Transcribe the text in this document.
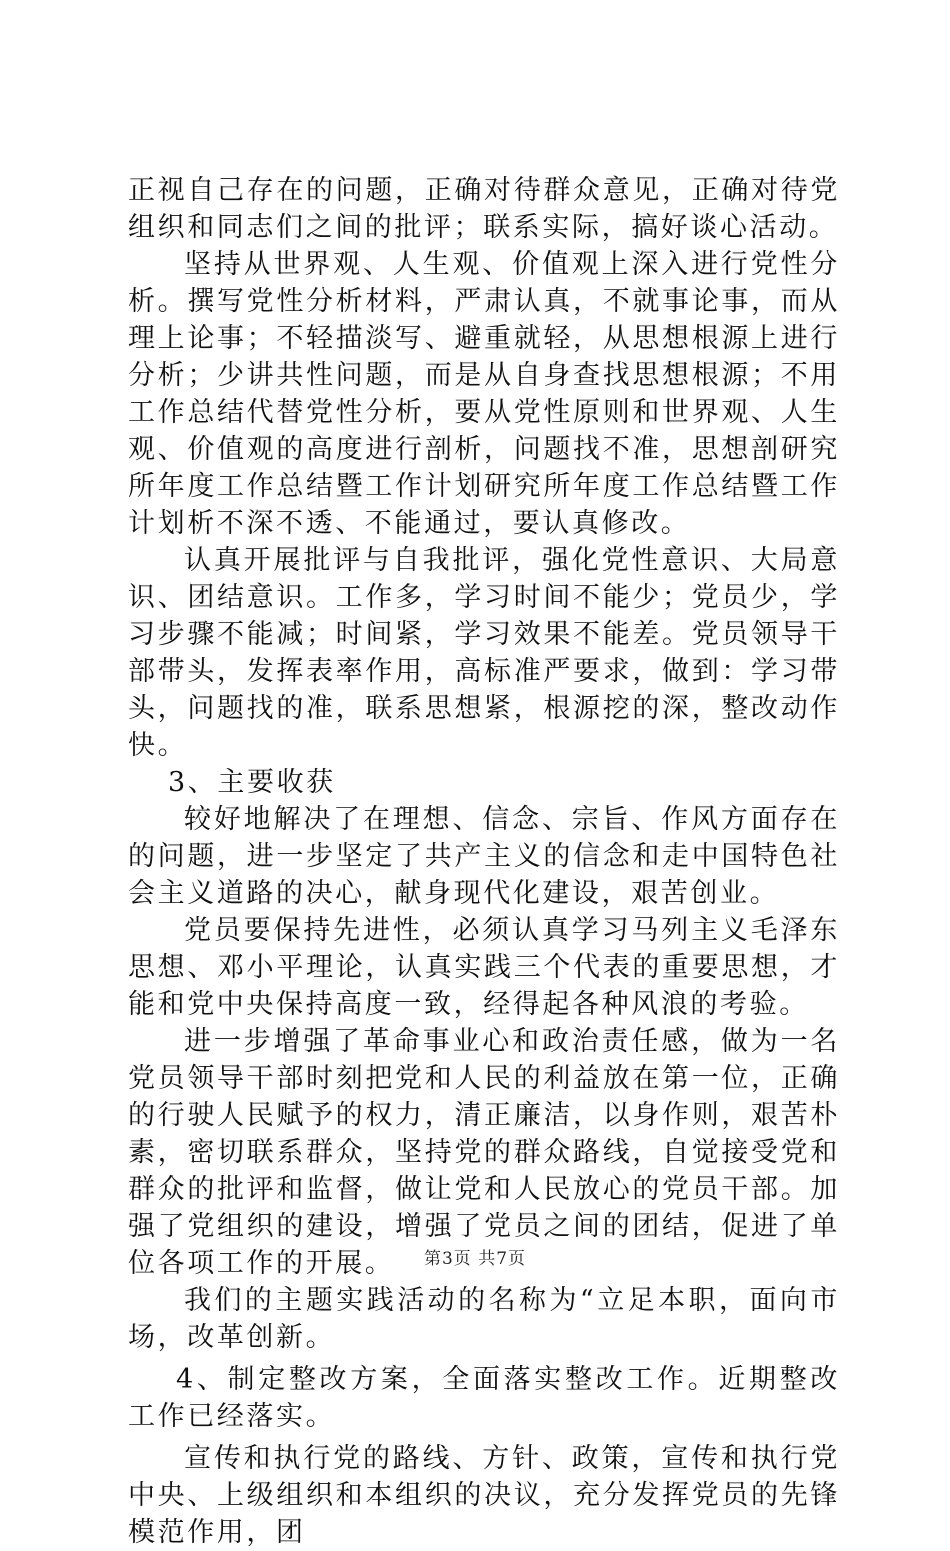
正视自己存在的问题，正确对待群众意见，正确对待党组织和同志们之间的批评；联系实际，搞好谈心活动。

坚持从世界观、人生观、价值观上深入进行党性分析。撰写党性分析材料，严肃认真，不就事论事，而从理上论事；不轻描淡写、避重就轻，从思想根源上进行分析；少讲共性问题，而是从自身查找思想根源；不用工作总结代替党性分析，要从党性原则和世界观、人生观、价值观的高度进行剖析，问题找不准，思想剖研究所年度工作总结暨工作计划研究所年度工作总结暨工作计划析不深不透、不能通过，要认真修改。

认真开展批评与自我批评，强化党性意识、大局意识、团结意识。工作多，学习时间不能少；党员少，学习步骤不能减；时间紧，学习效果不能差。党员领导干部带头，发挥表率作用，高标准严要求，做到：学习带头，问题找的准，联系思想紧，根源挖的深，整改动作快。

3、主要收获

较好地解决了在理想、信念、宗旨、作风方面存在的问题，进一步坚定了共产主义的信念和走中国特色社会主义道路的决心，献身现代化建设，艰苦创业。

党员要保持先进性，必须认真学习马列主义毛泽东思想、邓小平理论，认真实践三个代表的重要思想，才能和党中央保持高度一致，经得起各种风浪的考验。

进一步增强了革命事业心和政治责任感，做为一名党员领导干部时刻把党和人民的利益放在第一位，正确的行驶人民赋予的权力，清正廉洁，以身作则，艰苦朴素，密切联系群众，坚持党的群众路线，自觉接受党和群众的批评和监督，做让党和人民放心的党员干部。加强了党组织的建设，增强了党员之间的团结，促进了单位各项工作的开展。

我们的主题实践活动的名称为“立足本职，面向市场，改革创新。

4、制定整改方案，全面落实整改工作。近期整改工作已经落实。

宣传和执行党的路线、方针、政策，宣传和执行党中央、上级组织和本组织的决议，充分发挥党员的先锋模范作用，团

第3页 共7页
